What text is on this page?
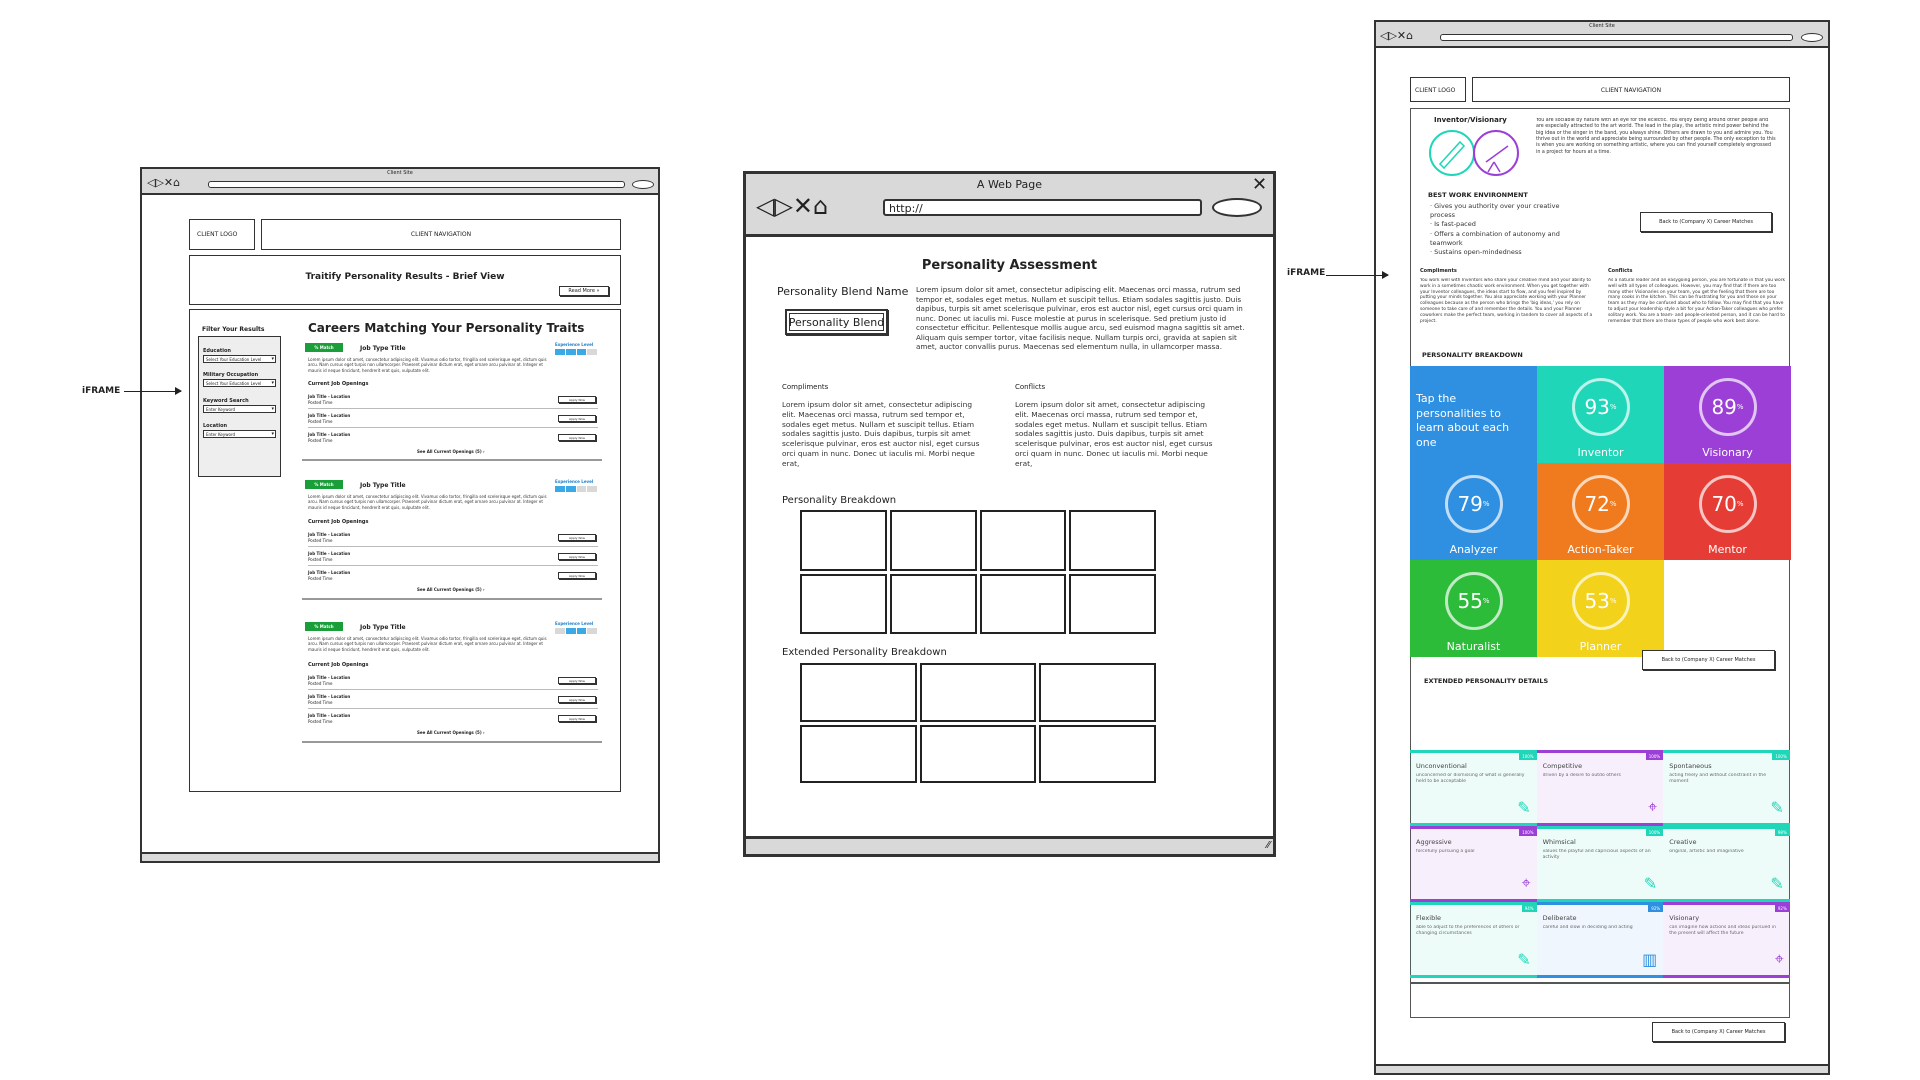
Client Site
◁▷✕⌂
CLIENT LOGO	CLIENT NAVIGATION
Traitify Personality Results - Brief View
Read More »
Filter Your Results
Education
Select Your Education Level ▾
Military Occupation
Select Your Education Level ▾
Keyword Search
Enter Keyword ▾
Location
Enter Keyword ▾
Careers Matching Your Personality Traits
% Match	Job Type Title
Experience Level
Lorem ipsum dolor sit amet, consectetur adipiscing elit. Vivamus odio tortor, fringilla sed scelerisque eget, dictum quis arcu. Nam cursus eget turpis non ullamcorper. Praesent pulvinar dictum erat, eget ornare arcu pulvinar at. Integer et mauris id neque tincidunt, hendrerit erat quis, vulputate elit.
Current Job Openings
Job Title - Location
Posted Time
Apply Now
Job Title - Location
Posted Time
Apply Now
Job Title - Location
Posted Time
Apply Now
See All Current Openings (5) ›
% Match	Job Type Title
Experience Level
Lorem ipsum dolor sit amet, consectetur adipiscing elit. Vivamus odio tortor, fringilla sed scelerisque eget, dictum quis arcu. Nam cursus eget turpis non ullamcorper. Praesent pulvinar dictum erat, eget ornare arcu pulvinar at. Integer et mauris id neque tincidunt, hendrerit erat quis, vulputate elit.
Current Job Openings
Job Title - Location
Posted Time
Apply Now
Job Title - Location
Posted Time
Apply Now
Job Title - Location
Posted Time
Apply Now
See All Current Openings (5) ›
% Match	Job Type Title
Experience Level
Lorem ipsum dolor sit amet, consectetur adipiscing elit. Vivamus odio tortor, fringilla sed scelerisque eget, dictum quis arcu. Nam cursus eget turpis non ullamcorper. Praesent pulvinar dictum erat, eget ornare arcu pulvinar at. Integer et mauris id neque tincidunt, hendrerit erat quis, vulputate elit.
Current Job Openings
Job Title - Location
Posted Time
Apply Now
Job Title - Location
Posted Time
Apply Now
Job Title - Location
Posted Time
Apply Now
See All Current Openings (5) ›
iFRAME
A Web Page	✕
◁▷✕⌂	http://
Personality Assessment
Personality Blend Name
Personality Blend
Lorem ipsum dolor sit amet, consectetur adipiscing elit. Maecenas orci massa, rutrum sed tempor et, sodales eget metus. Nullam et suscipit tellus. Etiam sodales sagittis justo. Duis dapibus, turpis sit amet scelerisque pulvinar, eros est auctor nisl, eget cursus orci quam in nunc. Donec ut iaculis mi. Fusce molestie at purus in scelerisque. Sed pretium justo id consectetur efficitur. Pellentesque mollis augue arcu, sed euismod magna sagittis sit amet. Aliquam quis semper tortor, vitae facilisis neque. Nullam turpis orci, gravida at sapien sit amet, auctor convallis purus. Maecenas sed elementum nulla, in ullamcorper massa.
Compliments	Conflicts
Lorem ipsum dolor sit amet, consectetur adipiscing elit. Maecenas orci massa, rutrum sed tempor et, sodales eget metus. Nullam et suscipit tellus. Etiam sodales sagittis justo. Duis dapibus, turpis sit amet scelerisque pulvinar, eros est auctor nisl, eget cursus orci quam in nunc. Donec ut iaculis mi. Morbi neque erat,
Lorem ipsum dolor sit amet, consectetur adipiscing elit. Maecenas orci massa, rutrum sed tempor et, sodales eget metus. Nullam et suscipit tellus. Etiam sodales sagittis justo. Duis dapibus, turpis sit amet scelerisque pulvinar, eros est auctor nisl, eget cursus orci quam in nunc. Donec ut iaculis mi. Morbi neque erat,
Personality Breakdown
Extended Personality Breakdown
⁄⁄
Client Site
◁▷✕⌂
CLIENT LOGO	CLIENT NAVIGATION
Inventor/Visionary	You are sociable by nature with an eye for the eclectic. You enjoy being around other people and are especially attracted to the art world. The lead in the play, the artistic mind power behind the big idea or the singer in the band, you always shine. Others are drawn to you and admire you. You thrive out in the world and appreciate being surrounded by other people. The only exception to this is when you are working on something artistic, where you can find yourself completely engrossed in a project for hours at a time.
BEST WORK ENVIRONMENT
· Gives you authority over your creative process
· Is fast-paced
· Offers a combination of autonomy and teamwork
· Sustains open-mindedness
Back to (Company X) Career Matches
Compliments
You work well with Inventors who share your creative mind and your ability to work in a sometimes chaotic work environment. When you get together with your Inventor colleagues, the ideas start to flow, and you feel inspired by putting your minds together. You also appreciate working with your Planner colleagues because as the person who brings the 'big ideas,' you rely on someone to take care of and remember the details. You and your Planner coworkers make the perfect team, working in tandem to cover all aspects of a project.
Conflicts
As a natural leader and an easygoing person, you are fortunate in that you work well with all types of colleagues. However, you may find that if there are too many other Visionaries on your team, you get the feeling that there are too many cooks in the kitchen. This can be frustrating for you and those on your team as they may be confused about who to follow. You may find that you have to adjust your leadership style a bit for your Action-Taker colleagues who prefer solitary work. You are a team- and people-oriented person, and it can be hard to remember that there are those types of people who work best alone.
PERSONALITY BREAKDOWN
Tap the personalities to learn about each one
93 %
Inventor
89 %
Visionary
79 %
Analyzer
72 %
Action-Taker
70 %
Mentor
55 %
Naturalist
53 %
Planner
Back to (Company X) Career Matches
EXTENDED PERSONALITY DETAILS
100%
Unconventional
unconcerned or dismissing of what is generally held to be acceptable
✎
100%
Competitive
driven by a desire to outdo others
⌖
100%
Spontaneous
acting freely and without constraint in the moment
✎
100%
Aggressive
forcefully pursuing a goal
⌖
100%
Whimsical
values the playful and capricious aspects of an activity
✎
98%
Creative
original, artistic and imaginative
✎
94%
Flexible
able to adjust to the preferences of others or changing circumstances
✎
92%
Deliberate
careful and slow in deciding and acting
▥
92%
Visionary
can imagine how actions and ideas pursued in the present will affect the future
⌖
Back to (Company X) Career Matches
iFRAME
